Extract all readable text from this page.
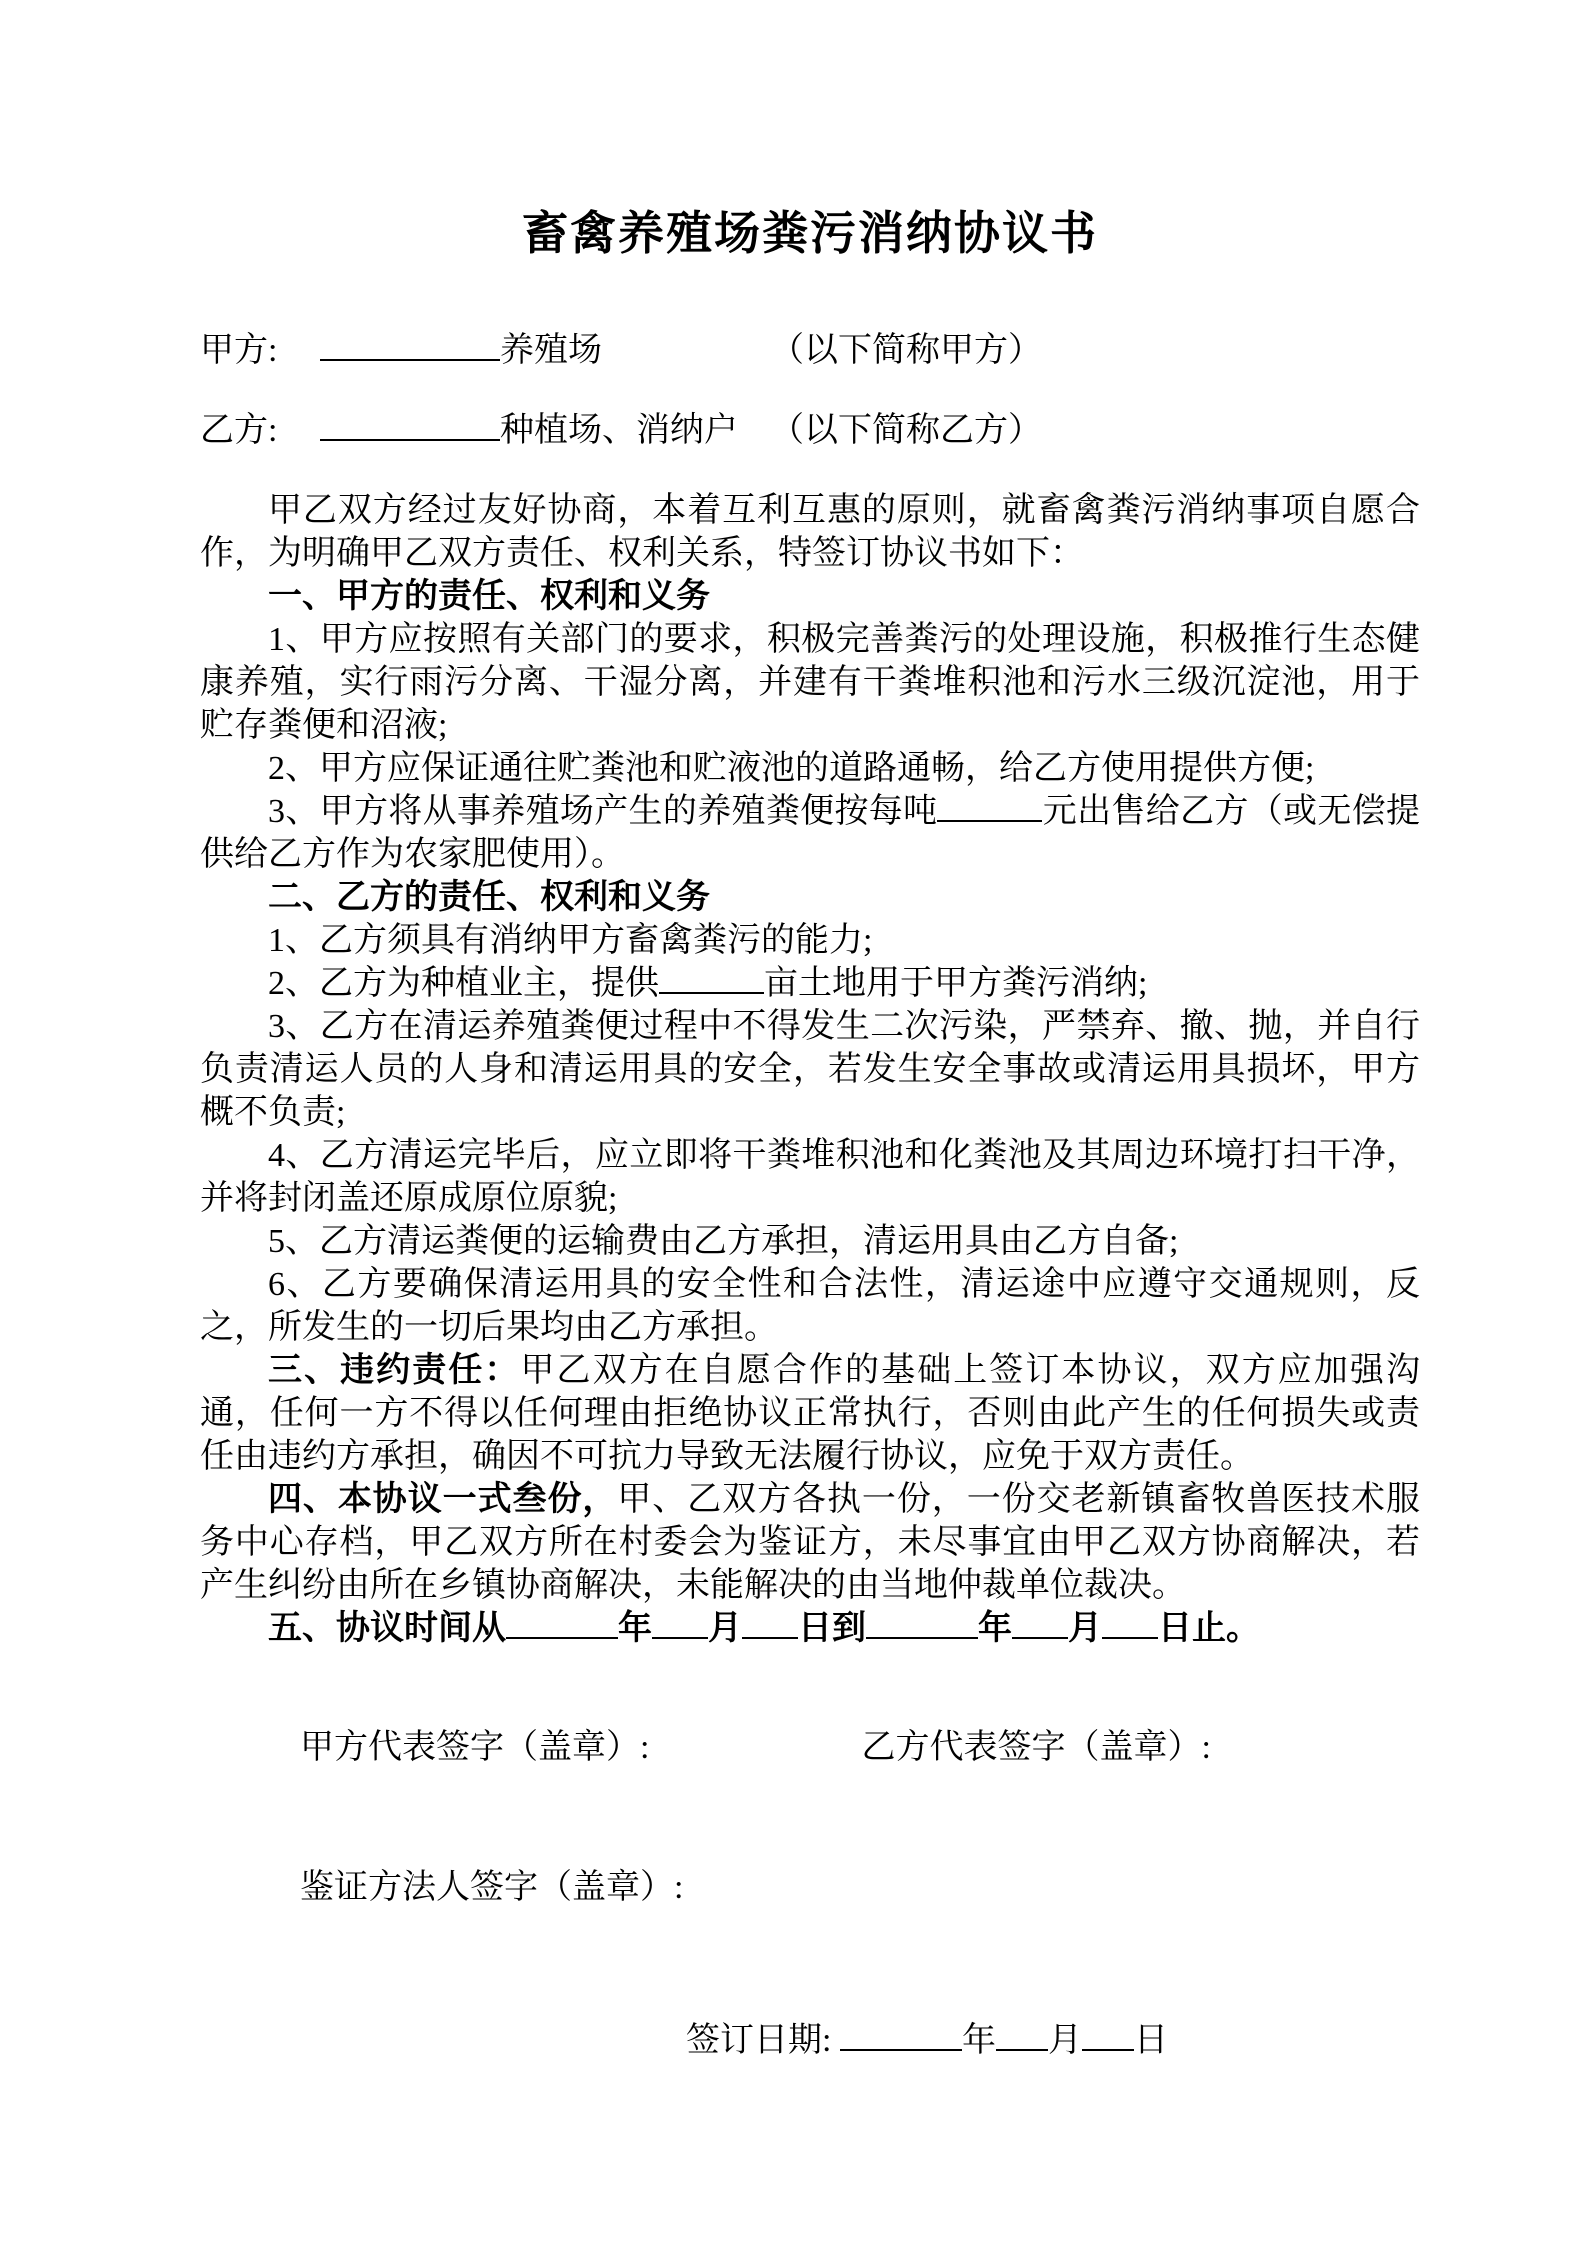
畜禽养殖场粪污消纳协议书
甲方:	养殖场	（以下简称甲方）
乙方:	种植场、消纳户 （以下简称乙方）

甲乙双方经过友好协商，本着互利互惠的原则，就畜禽粪污消纳事项自愿合作，为明确甲乙双方责任、权利关系，特签订协议书如下：

一、甲方的责任、权利和义务

1、甲方应按照有关部门的要求，积极完善粪污的处理设施，积极推行生态健康养殖，实行雨污分离、干湿分离，并建有干粪堆积池和污水三级沉淀池，用于贮存粪便和沼液;

2、甲方应保证通往贮粪池和贮液池的道路通畅，给乙方使用提供方便;

3、甲方将从事养殖场产生的养殖粪便按每吨	元出售给乙方（或无偿提供给乙方作为农家肥使用）。

二、乙方的责任、权利和义务

1、乙方须具有消纳甲方畜禽粪污的能力;

2、乙方为种植业主，提供	亩土地用于甲方粪污消纳;

3、乙方在清运养殖粪便过程中不得发生二次污染，严禁弃、撤、抛，并自行负责清运人员的人身和清运用具的安全，若发生安全事故或清运用具损坏，甲方概不负责;

4、乙方清运完毕后，应立即将干粪堆积池和化粪池及其周边环境打扫干净，并将封闭盖还原成原位原貌;

5、乙方清运粪便的运输费由乙方承担，清运用具由乙方自备;

6、乙方要确保清运用具的安全性和合法性，清运途中应遵守交通规则，反之，所发生的一切后果均由乙方承担。

三、违约责任：甲乙双方在自愿合作的基础上签订本协议，双方应加强沟通，任何一方不得以任何理由拒绝协议正常执行，否则由此产生的任何损失或责任由违约方承担，确因不可抗力导致无法履行协议，应免于双方责任。

四、本协议一式叁份，甲、乙双方各执一份，一份交老新镇畜牧兽医技术服务中心存档，甲乙双方所在村委会为鉴证方，未尽事宜由甲乙双方协商解决，若产生纠纷由所在乡镇协商解决，未能解决的由当地仲裁单位裁决。

五、协议时间从	年 月 日到	年 月 日止。

甲方代表签字（盖章）:	乙方代表签字（盖章）:
鉴证方法人签字（盖章）:
签订日期:	年 月 日
